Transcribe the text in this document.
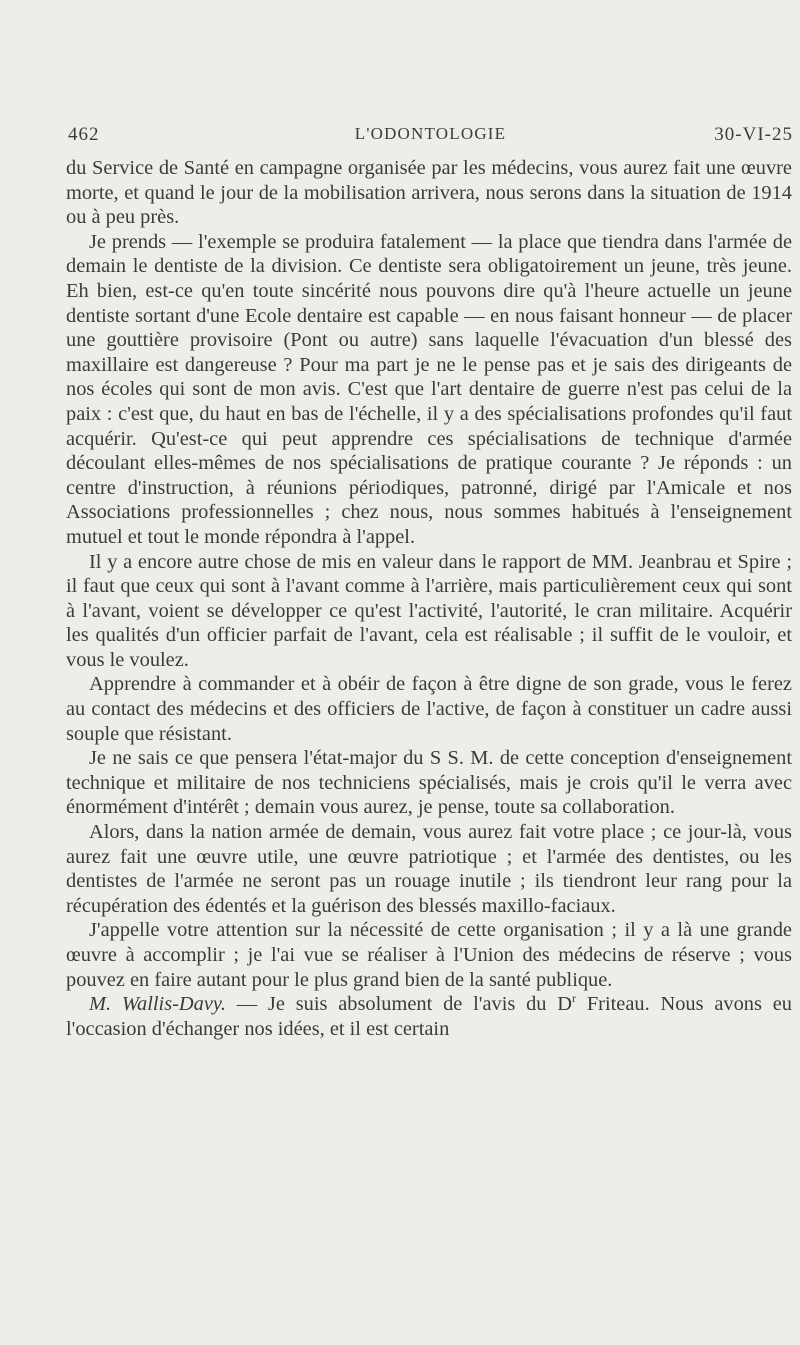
462	L'ODONTOLOGIE	30-VI-25

du Service de Santé en campagne organisée par les médecins, vous aurez fait une œuvre morte, et quand le jour de la mobilisation arrivera, nous serons dans la situation de 1914 ou à peu près.

Je prends — l'exemple se produira fatalement — la place que tiendra dans l'armée de demain le dentiste de la division. Ce dentiste sera obligatoirement un jeune, très jeune. Eh bien, est-ce qu'en toute sincérité nous pouvons dire qu'à l'heure actuelle un jeune dentiste sortant d'une Ecole dentaire est capable — en nous faisant honneur — de placer une gouttière provisoire (Pont ou autre) sans laquelle l'évacuation d'un blessé des maxillaire est dangereuse ? Pour ma part je ne le pense pas et je sais des dirigeants de nos écoles qui sont de mon avis. C'est que l'art dentaire de guerre n'est pas celui de la paix : c'est que, du haut en bas de l'échelle, il y a des spécialisations profondes qu'il faut acquérir. Qu'est-ce qui peut apprendre ces spécialisations de technique d'armée découlant elles-mêmes de nos spécialisations de pratique courante ? Je réponds : un centre d'instruction, à réunions périodiques, patronné, dirigé par l'Amicale et nos Associations professionnelles ; chez nous, nous sommes habitués à l'enseignement mutuel et tout le monde répondra à l'appel.

Il y a encore autre chose de mis en valeur dans le rapport de MM. Jeanbrau et Spire ; il faut que ceux qui sont à l'avant comme à l'arrière, mais particulièrement ceux qui sont à l'avant, voient se développer ce qu'est l'activité, l'autorité, le cran militaire. Acquérir les qualités d'un officier parfait de l'avant, cela est réalisable ; il suffit de le vouloir, et vous le voulez.

Apprendre à commander et à obéir de façon à être digne de son grade, vous le ferez au contact des médecins et des officiers de l'active, de façon à constituer un cadre aussi souple que résistant.

Je ne sais ce que pensera l'état-major du S S. M. de cette conception d'enseignement technique et militaire de nos techniciens spécialisés, mais je crois qu'il le verra avec énormément d'intérêt ; demain vous aurez, je pense, toute sa collaboration.

Alors, dans la nation armée de demain, vous aurez fait votre place ; ce jour-là, vous aurez fait une œuvre utile, une œuvre patriotique ; et l'armée des dentistes, ou les dentistes de l'armée ne seront pas un rouage inutile ; ils tiendront leur rang pour la récupération des édentés et la guérison des blessés maxillo-faciaux.

J'appelle votre attention sur la nécessité de cette organisation ; il y a là une grande œuvre à accomplir ; je l'ai vue se réaliser à l'Union des médecins de réserve ; vous pouvez en faire autant pour le plus grand bien de la santé publique.

M. Wallis-Davy. — Je suis absolument de l'avis du $D^r$ Friteau. Nous avons eu l'occasion d'échanger nos idées, et il est certain
